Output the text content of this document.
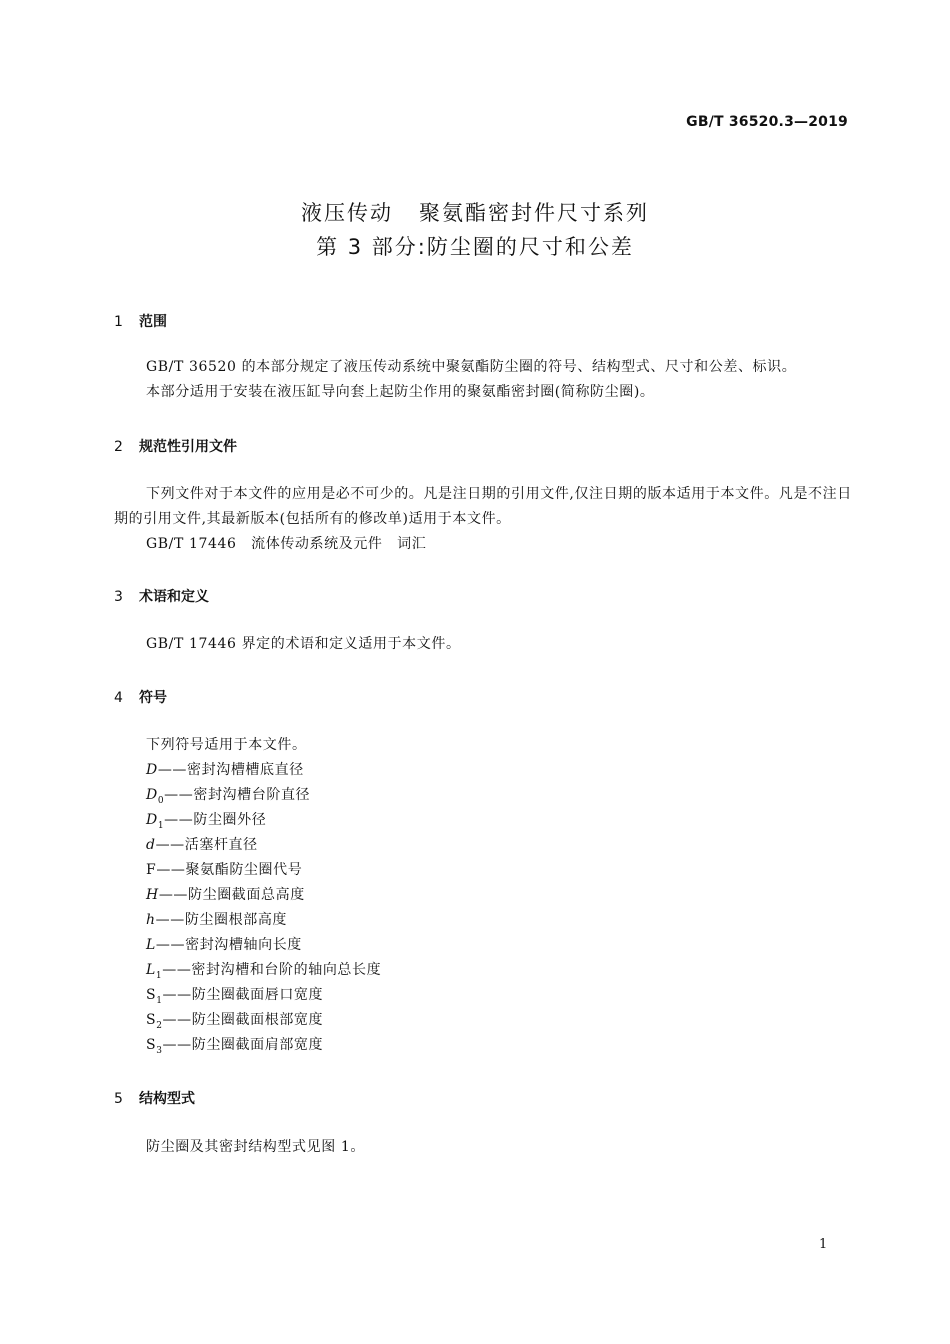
GB/T 36520.3—2019
液压传动 聚氨酯密封件尺寸系列
第 3 部分:防尘圈的尺寸和公差
1 范围

GB/T 36520 的本部分规定了液压传动系统中聚氨酯防尘圈的符号、结构型式、尺寸和公差、标识。

本部分适用于安装在液压缸导向套上起防尘作用的聚氨酯密封圈(简称防尘圈)。

2 规范性引用文件

下列文件对于本文件的应用是必不可少的。凡是注日期的引用文件,仅注日期的版本适用于本文件。凡是不注日期的引用文件,其最新版本(包括所有的修改单)适用于本文件。

GB/T 17446　 流体传动系统及元件　词汇

3 术语和定义

GB/T 17446 界定的术语和定义适用于本文件。

4 符号
下列符号适用于本文件。
D——密封沟槽槽底直径
$D_0——$密封沟槽台阶直径
$D_1——$防尘圈外径
d——活塞杆直径
F——聚氨酯防尘圈代号
H——防尘圈截面总高度
h——防尘圈根部高度
L——密封沟槽轴向长度
$L_1——$密封沟槽和台阶的轴向总长度
$S_1——$防尘圈截面唇口宽度
$S_2——$防尘圈截面根部宽度
$S_3——$防尘圈截面肩部宽度
5 结构型式
防尘圈及其密封结构型式见图 1。
1
